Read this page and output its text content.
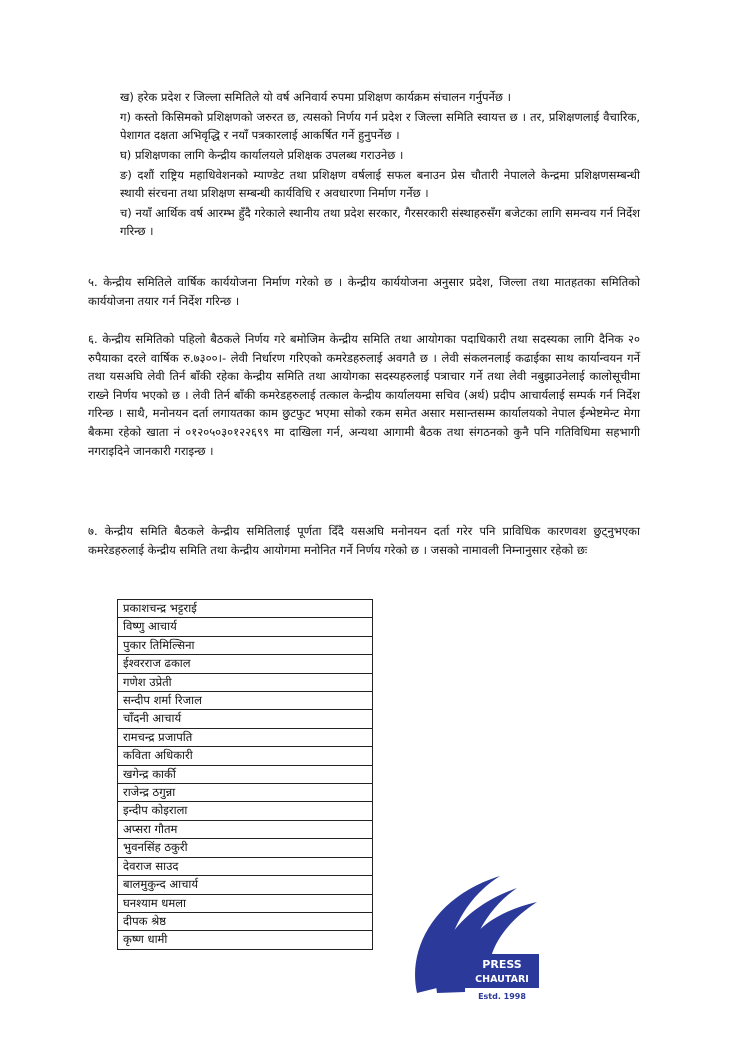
ख) हरेक प्रदेश र जिल्ला समितिले यो वर्ष अनिवार्य रुपमा प्रशिक्षण कार्यक्रम संचालन गर्नुपर्नेछ ।

ग) कस्तो किसिमको प्रशिक्षणको जरुरत छ, त्यसको निर्णय गर्न प्रदेश र जिल्ला समिति स्वायत्त छ । तर, प्रशिक्षणलाई वैचारिक, पेशागत दक्षता अभिवृद्धि र नयाँ पत्रकारलाई आकर्षित गर्ने हुनुपर्नेछ ।

घ) प्रशिक्षणका लागि केन्द्रीय कार्यालयले प्रशिक्षक उपलब्ध गराउनेछ ।

ङ) दशौं राष्ट्रिय महाधिवेशनको म्याण्डेट तथा प्रशिक्षण वर्षलाई सफल बनाउन प्रेस चौतारी नेपालले केन्द्रमा प्रशिक्षणसम्बन्धी स्थायी संरचना तथा प्रशिक्षण सम्बन्धी कार्यविधि र अवधारणा निर्माण गर्नेछ ।

च) नयाँ आर्थिक वर्ष आरम्भ हुँदै गरेकाले स्थानीय तथा प्रदेश सरकार, गैरसरकारी संस्थाहरुसँग बजेटका लागि समन्वय गर्न निर्देश गरिन्छ ।

५. केन्द्रीय समितिले वार्षिक कार्ययोजना निर्माण गरेको छ । केन्द्रीय कार्ययोजना अनुसार प्रदेश, जिल्ला तथा मातहतका समितिको कार्ययोजना तयार गर्न निर्देश गरिन्छ ।

६. केन्द्रीय समितिको पहिलो बैठकले निर्णय गरे बमोजिम केन्द्रीय समिति तथा आयोगका पदाधिकारी तथा सदस्यका लागि दैनिक २० रुपैयाका दरले वार्षिक रु.७३००।- लेवी निर्धारण गरिएको कमरेडहरुलाई अवगतै छ । लेवी संकलनलाई कढाईका साथ कार्यान्वयन गर्ने तथा यसअघि लेवी तिर्न बाँकी रहेका केन्द्रीय समिति तथा आयोगका सदस्यहरुलाई पत्राचार गर्ने तथा लेवी नबुझाउनेलाई कालोसूचीमा राख्ने निर्णय भएको छ । लेवी तिर्न बाँकी कमरेडहरुलाई तत्काल केन्द्रीय कार्यालयमा सचिव (अर्थ) प्रदीप आचार्यलाई सम्पर्क गर्न निर्देश गरिन्छ । साथै, मनोनयन दर्ता लगायतका काम छुटफुट भएमा सोको रकम समेत असार मसान्तसम्म कार्यालयको नेपाल ईन्भेष्टमेन्ट मेगा बैकमा रहेको खाता नं ०१२०५०३०१२२६९९ मा दाखिला गर्न, अन्यथा आगामी बैठक तथा संगठनको कुनै पनि गतिविधिमा सहभागी नगराइदिने जानकारी गराइन्छ ।

७. केन्द्रीय समिति बैठकले केन्द्रीय समितिलाई पूर्णता दिँदै यसअघि मनोनयन दर्ता गरेर पनि प्राविधिक कारणवश छुट्नुभएका कमरेडहरुलाई केन्द्रीय समिति तथा केन्द्रीय आयोगमा मनोनित गर्ने निर्णय गरेको छ । जसको नामावली निम्नानुसार रहेको छः

प्रकाशचन्द्र भट्टराई
विष्णु आचार्य
पुकार तिमिल्सिना
ईश्वरराज ढकाल
गणेश उप्रेती
सन्दीप शर्मा रिजाल
चाँदनी आचार्य
रामचन्द्र प्रजापति
कविता अधिकारी
खगेन्द्र कार्की
राजेन्द्र ठगुन्ना
इन्दीप कोइराला
अप्सरा गौतम
भुवनसिंह ठकुरी
देवराज साउद
बालमुकुन्द आचार्य
घनश्याम धमला
दीपक श्रेष्ठ
कृष्ण धामी
PRESS
CHAUTARI
Estd. 1998
